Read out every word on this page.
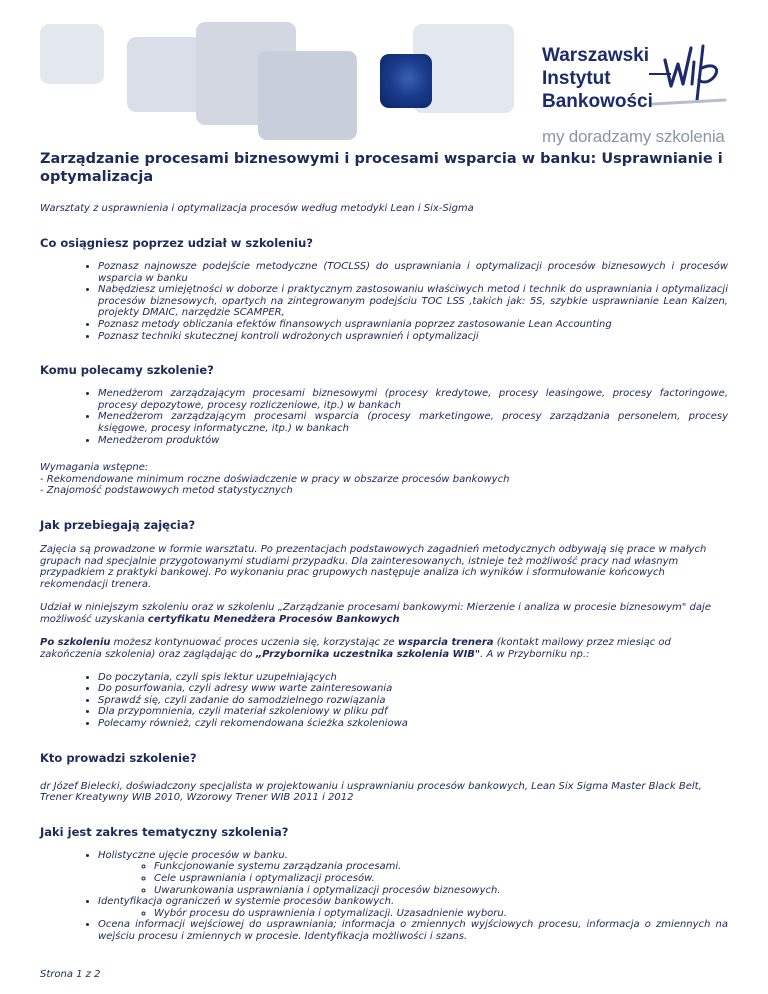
Warszawski
Instytut
Bankowości
my doradzamy szkolenia
Zarządzanie procesami biznesowymi i procesami wsparcia w banku: Usprawnianie i optymalizacja
Warsztaty z usprawnienia i optymalizacja procesów według metodyki Lean i Six-Sigma
Co osiągniesz poprzez udział w szkoleniu?
• Poznasz najnowsze podejście metodyczne (TOCLSS) do usprawniania i optymalizacji procesów biznesowych i procesów wsparcia w banku
• Nabędziesz umiejętności w doborze i praktycznym zastosowaniu właściwych metod i technik do usprawniania i optymalizacji procesów biznesowych, opartych na zintegrowanym podejściu TOC LSS ,takich jak: 5S, szybkie usprawnianie Lean Kaizen, projekty DMAIC, narzędzie SCAMPER,
• Poznasz metody obliczania efektów finansowych usprawniania poprzez zastosowanie Lean Accounting
• Poznasz techniki skutecznej kontroli wdrożonych usprawnień i optymalizacji
Komu polecamy szkolenie?
• Menedżerom zarządzającym procesami biznesowymi (procesy kredytowe, procesy leasingowe, procesy factoringowe, procesy depozytowe, procesy rozliczeniowe, itp.) w bankach
• Menedżerom zarządzającym procesami wsparcia (procesy marketingowe, procesy zarządzania personelem, procesy księgowe, procesy informatyczne, itp.) w bankach
• Menedżerom produktów

Wymagania wstępne:
- Rekomendowane minimum roczne doświadczenie w pracy w obszarze procesów bankowych
- Znajomość podstawowych metod statystycznych

Jak przebiegają zajęcia?

Zajęcia są prowadzone w formie warsztatu. Po prezentacjach podstawowych zagadnień metodycznych odbywają się prace w małych grupach nad specjalnie przygotowanymi studiami przypadku. Dla zainteresowanych, istnieje też możliwość pracy nad własnym przypadkiem z praktyki bankowej. Po wykonaniu prac grupowych następuje analiza ich wyników i sformułowanie końcowych rekomendacji trenera.

Udział w niniejszym szkoleniu oraz w szkoleniu „Zarządzanie procesami bankowymi: Mierzenie i analiza w procesie biznesowym" daje możliwość uzyskania certyfikatu Menedżera Procesów Bankowych

Po szkoleniu możesz kontynuować proces uczenia się, korzystając ze wsparcia trenera (kontakt mailowy przez miesiąc od zakończenia szkolenia) oraz zaglądając do „Przybornika uczestnika szkolenia WIB". A w Przyborniku np.:

• Do poczytania, czyli spis lektur uzupełniających
• Do posurfowania, czyli adresy www warte zainteresowania
• Sprawdź się, czyli zadanie do samodzielnego rozwiązania
• Dla przypomnienia, czyli materiał szkoleniowy w pliku pdf
• Polecamy również, czyli rekomendowana ścieżka szkoleniowa
Kto prowadzi szkolenie?

dr Józef Bielecki, doświadczony specjalista w projektowaniu i usprawnianiu procesów bankowych, Lean Six Sigma Master Black Belt, Trener Kreatywny WIB 2010, Wzorowy Trener WIB 2011 i 2012

Jaki jest zakres tematyczny szkolenia?
• Holistyczne ujęcie procesów w banku.
◦ Funkcjonowanie systemu zarządzania procesami.
◦ Cele usprawniania i optymalizacji procesów.
◦ Uwarunkowania usprawniania i optymalizacji procesów biznesowych.
• Identyfikacja ograniczeń w systemie procesów bankowych.
◦ Wybór procesu do usprawnienia i optymalizacji. Uzasadnienie wyboru.
• Ocena informacji wejściowej do usprawniania; informacja o zmiennych wyjściowych procesu, informacja o zmiennych na wejściu procesu i zmiennych w procesie. Identyfikacja możliwości i szans.
Strona 1 z 2
